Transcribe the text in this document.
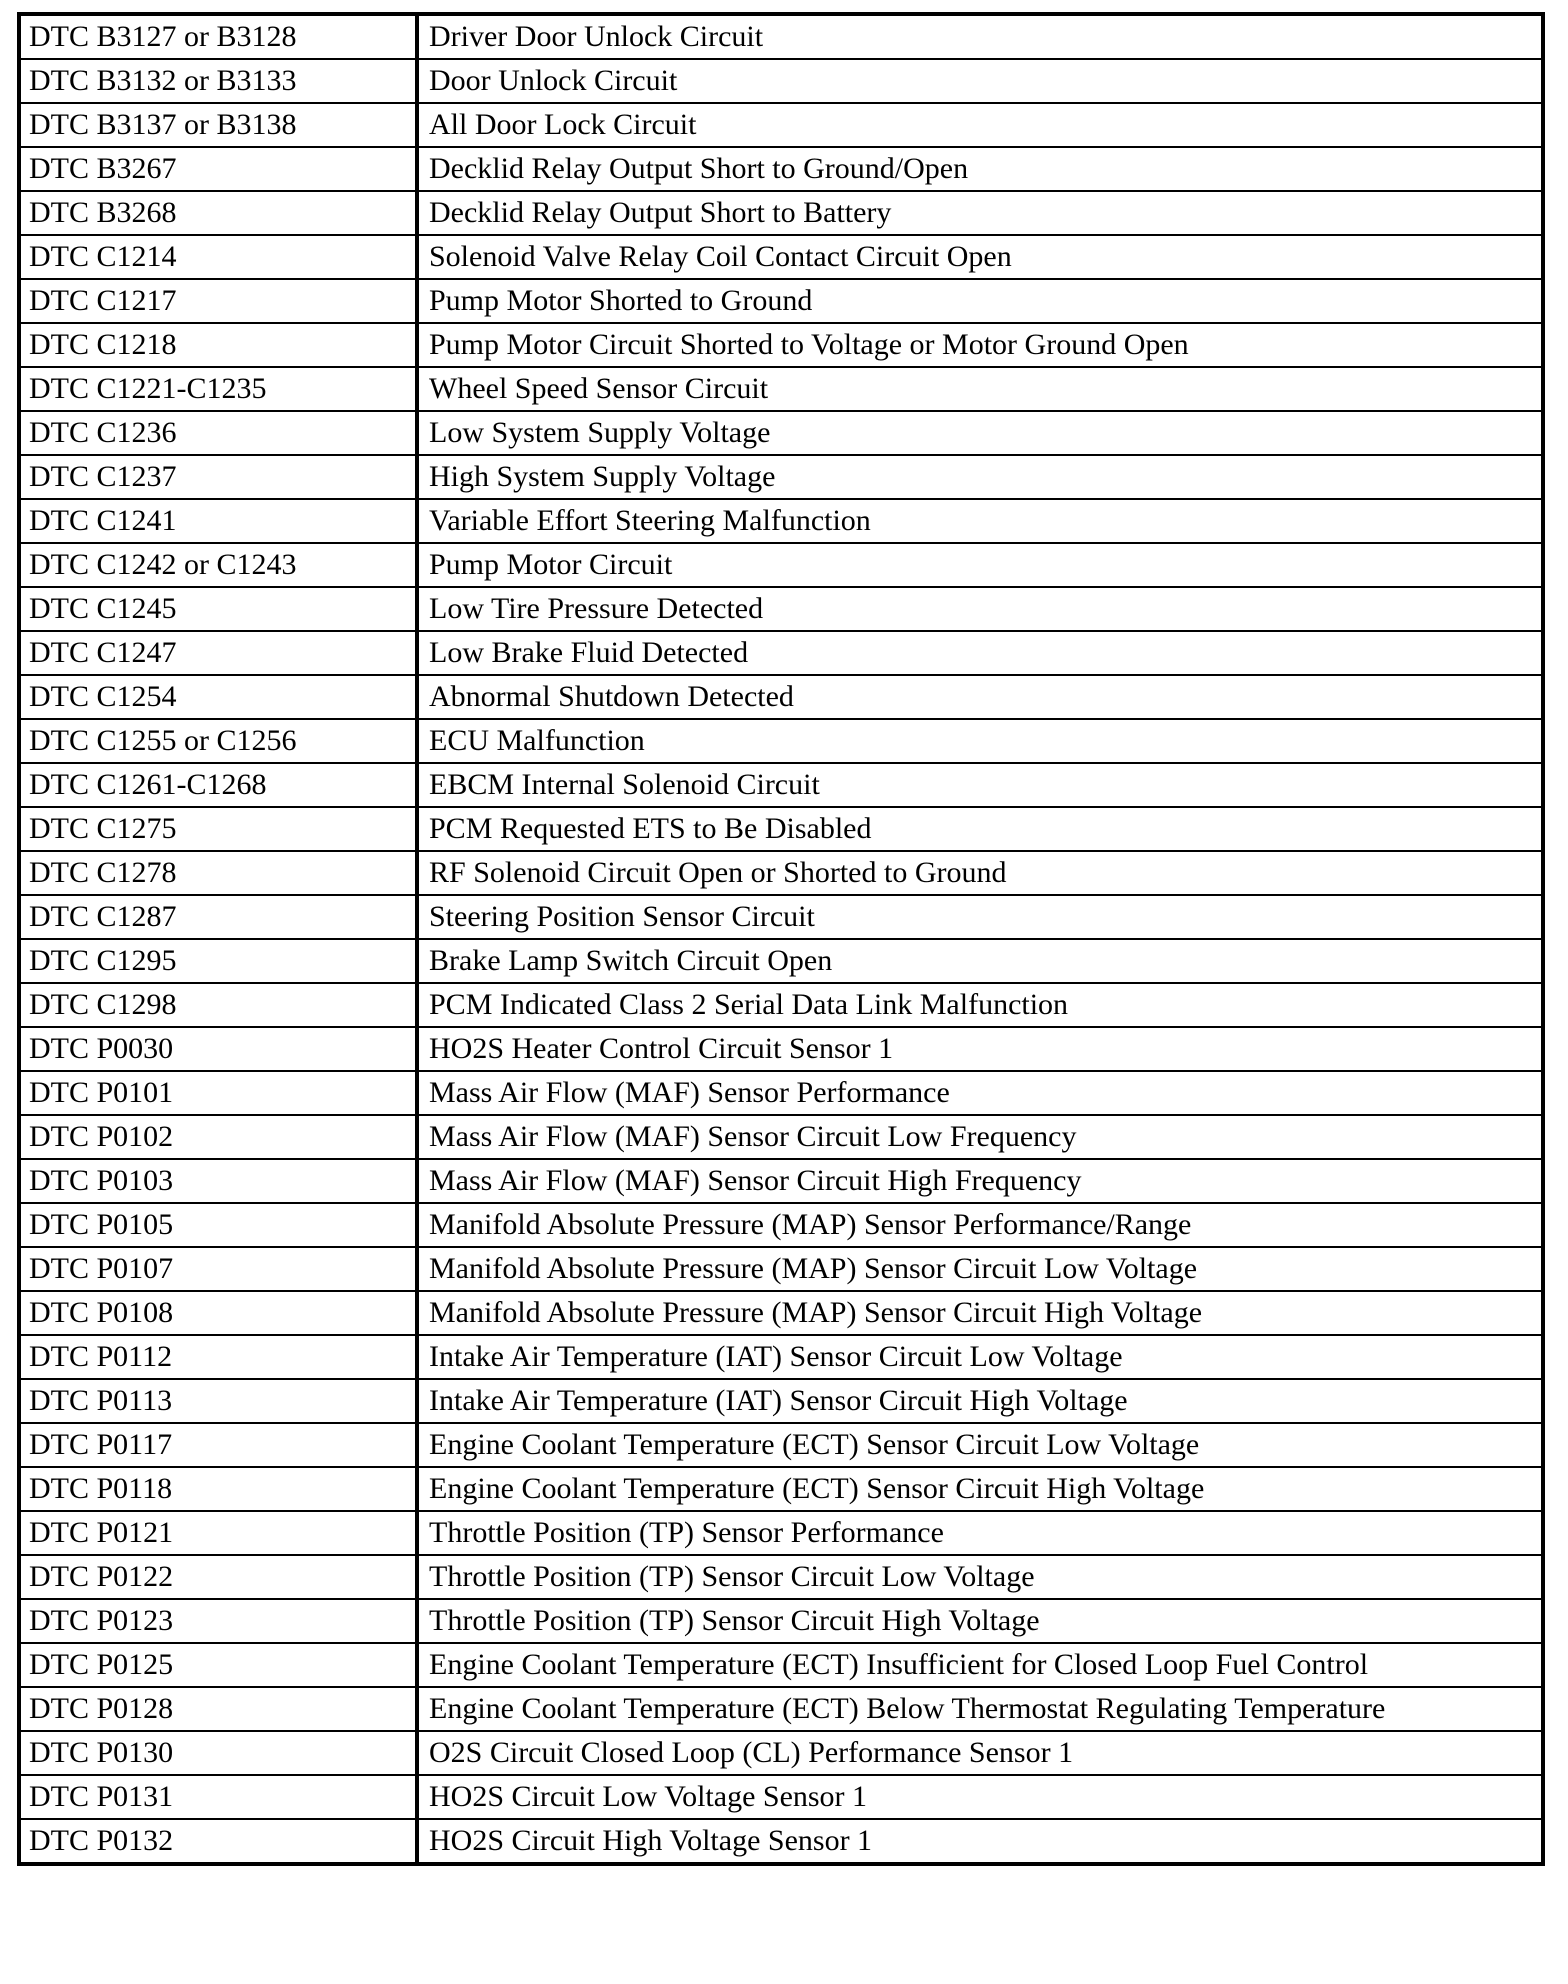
DTC B3127 or B3128	Driver Door Unlock Circuit
DTC B3132 or B3133	Door Unlock Circuit
DTC B3137 or B3138	All Door Lock Circuit
DTC B3267	Decklid Relay Output Short to Ground/Open
DTC B3268	Decklid Relay Output Short to Battery
DTC C1214	Solenoid Valve Relay Coil Contact Circuit Open
DTC C1217	Pump Motor Shorted to Ground
DTC C1218	Pump Motor Circuit Shorted to Voltage or Motor Ground Open
DTC C1221-C1235	Wheel Speed Sensor Circuit
DTC C1236	Low System Supply Voltage
DTC C1237	High System Supply Voltage
DTC C1241	Variable Effort Steering Malfunction
DTC C1242 or C1243	Pump Motor Circuit
DTC C1245	Low Tire Pressure Detected
DTC C1247	Low Brake Fluid Detected
DTC C1254	Abnormal Shutdown Detected
DTC C1255 or C1256	ECU Malfunction
DTC C1261-C1268	EBCM Internal Solenoid Circuit
DTC C1275	PCM Requested ETS to Be Disabled
DTC C1278	RF Solenoid Circuit Open or Shorted to Ground
DTC C1287	Steering Position Sensor Circuit
DTC C1295	Brake Lamp Switch Circuit Open
DTC C1298	PCM Indicated Class 2 Serial Data Link Malfunction
DTC P0030	HO2S Heater Control Circuit Sensor 1
DTC P0101	Mass Air Flow (MAF) Sensor Performance
DTC P0102	Mass Air Flow (MAF) Sensor Circuit Low Frequency
DTC P0103	Mass Air Flow (MAF) Sensor Circuit High Frequency
DTC P0105	Manifold Absolute Pressure (MAP) Sensor Performance/Range
DTC P0107	Manifold Absolute Pressure (MAP) Sensor Circuit Low Voltage
DTC P0108	Manifold Absolute Pressure (MAP) Sensor Circuit High Voltage
DTC P0112	Intake Air Temperature (IAT) Sensor Circuit Low Voltage
DTC P0113	Intake Air Temperature (IAT) Sensor Circuit High Voltage
DTC P0117	Engine Coolant Temperature (ECT) Sensor Circuit Low Voltage
DTC P0118	Engine Coolant Temperature (ECT) Sensor Circuit High Voltage
DTC P0121	Throttle Position (TP) Sensor Performance
DTC P0122	Throttle Position (TP) Sensor Circuit Low Voltage
DTC P0123	Throttle Position (TP) Sensor Circuit High Voltage
DTC P0125	Engine Coolant Temperature (ECT) Insufficient for Closed Loop Fuel Control
DTC P0128	Engine Coolant Temperature (ECT) Below Thermostat Regulating Temperature
DTC P0130	O2S Circuit Closed Loop (CL) Performance Sensor 1
DTC P0131	HO2S Circuit Low Voltage Sensor 1
DTC P0132	HO2S Circuit High Voltage Sensor 1
